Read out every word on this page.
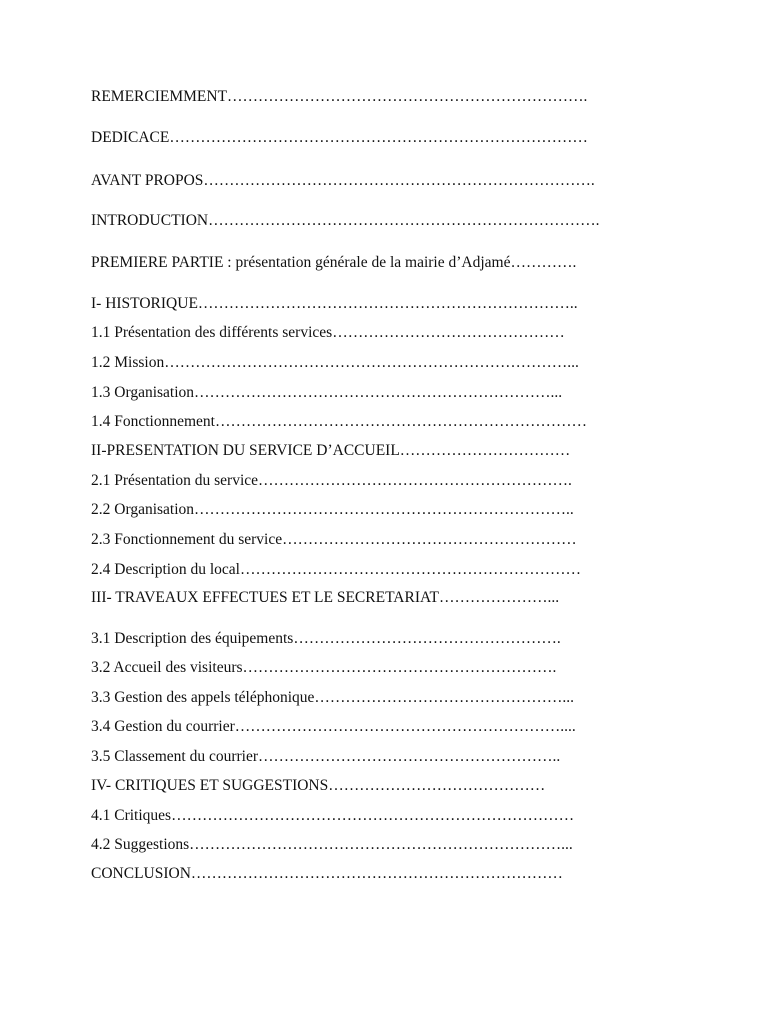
REMERCIEMMENT…………………………………………………………….
DEDICACE………………………………………………………………………
AVANT PROPOS………………………………………………………………….
INTRODUCTION………………………………………………………………….
PREMIERE PARTIE : présentation générale de la mairie d’Adjamé………….
I- HISTORIQUE………………………………………………………………..
1.1 Présentation des différents services………………………………………
1.2 Mission……………………………………………………………………...
1.3 Organisation……………………………………………………………...
1.4 Fonctionnement………………………………………………………………
II-PRESENTATION DU SERVICE D’ACCUEIL……………………………
2.1 Présentation du service…………………………………………………….
2.2 Organisation………………………………………………………………..
2.3 Fonctionnement du service…………………………………………………
2.4 Description du local…………………………………………………………
III- TRAVEAUX EFFECTUES ET LE SECRETARIAT…………………...
3.1 Description des équipements…………………………………………….
3.2 Accueil des visiteurs…………………………………………………….
3.3 Gestion des appels téléphonique…………………………………………...
3.4 Gestion du courrier………………………………………………………....
3.5 Classement du courrier…………………………………………………..
IV- CRITIQUES ET SUGGESTIONS……………………………………
4.1 Critiques……………………………………………………………………
4.2 Suggestions………………………………………………………………...
CONCLUSION………………………………………………………………
